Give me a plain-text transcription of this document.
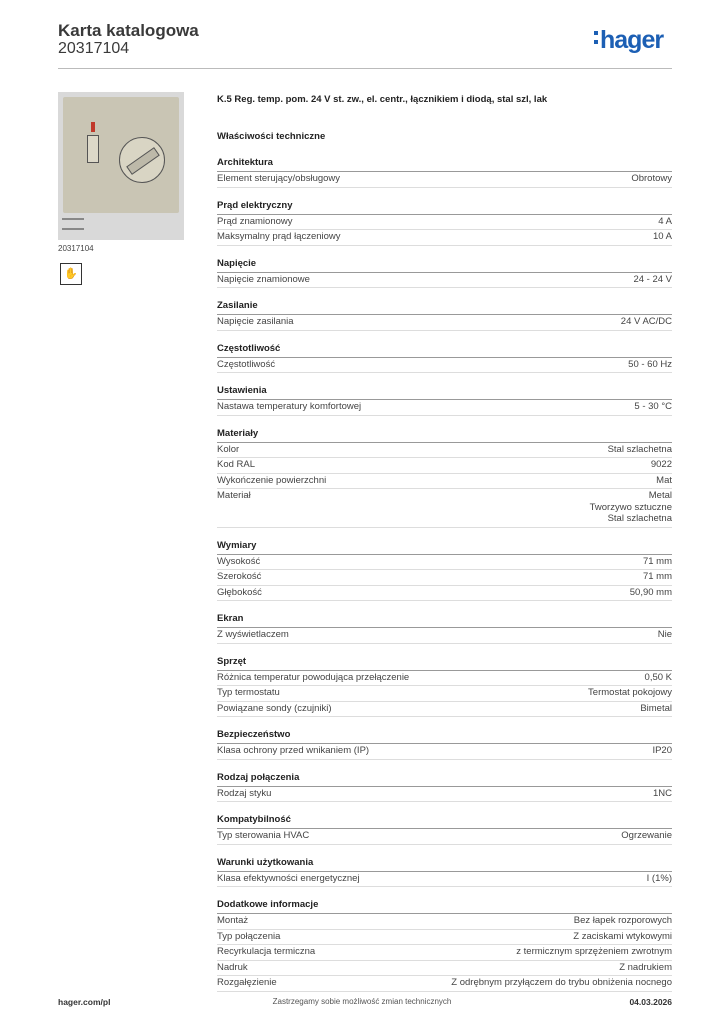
Karta katalogowa
20317104	hager
20317104
✋
K.5 Reg. temp. pom. 24 V st. zw., el. centr., łącznikiem i diodą, stal szl, lak
Właściwości techniczne
Architektura
Element sterujący/obsługowy	Obrotowy
Prąd elektryczny
Prąd znamionowy	4 A
Maksymalny prąd łączeniowy	10 A
Napięcie
Napięcie znamionowe	24 - 24 V
Zasilanie
Napięcie zasilania	24 V AC/DC
Częstotliwość
Częstotliwość	50 - 60 Hz
Ustawienia
Nastawa temperatury komfortowej	5 - 30 °C
Materiały
Kolor	Stal szlachetna
Kod RAL	9022
Wykończenie powierzchni	Mat
Materiał	Metal
Tworzywo sztuczne
Stal szlachetna
Wymiary
Wysokość	71 mm
Szerokość	71 mm
Głębokość	50,90 mm
Ekran
Z wyświetlaczem	Nie
Sprzęt
Różnica temperatur powodująca przełączenie	0,50 K
Typ termostatu	Termostat pokojowy
Powiązane sondy (czujniki)	Bimetal
Bezpieczeństwo
Klasa ochrony przed wnikaniem (IP)	IP20
Rodzaj połączenia
Rodzaj styku	1NC
Kompatybilność
Typ sterowania HVAC	Ogrzewanie
Warunki użytkowania
Klasa efektywności energetycznej	I (1%)
Dodatkowe informacje
Montaż	Bez łapek rozporowych
Typ połączenia	Z zaciskami wtykowymi
Recyrkulacja termiczna	z termicznym sprzężeniem zwrotnym
Nadruk	Z nadrukiem
Rozgałęzienie	Z odrębnym przyłączem do trybu obniżenia nocnego
hager.com/pl	Zastrzegamy sobie możliwość zmian technicznych	04.03.2026
